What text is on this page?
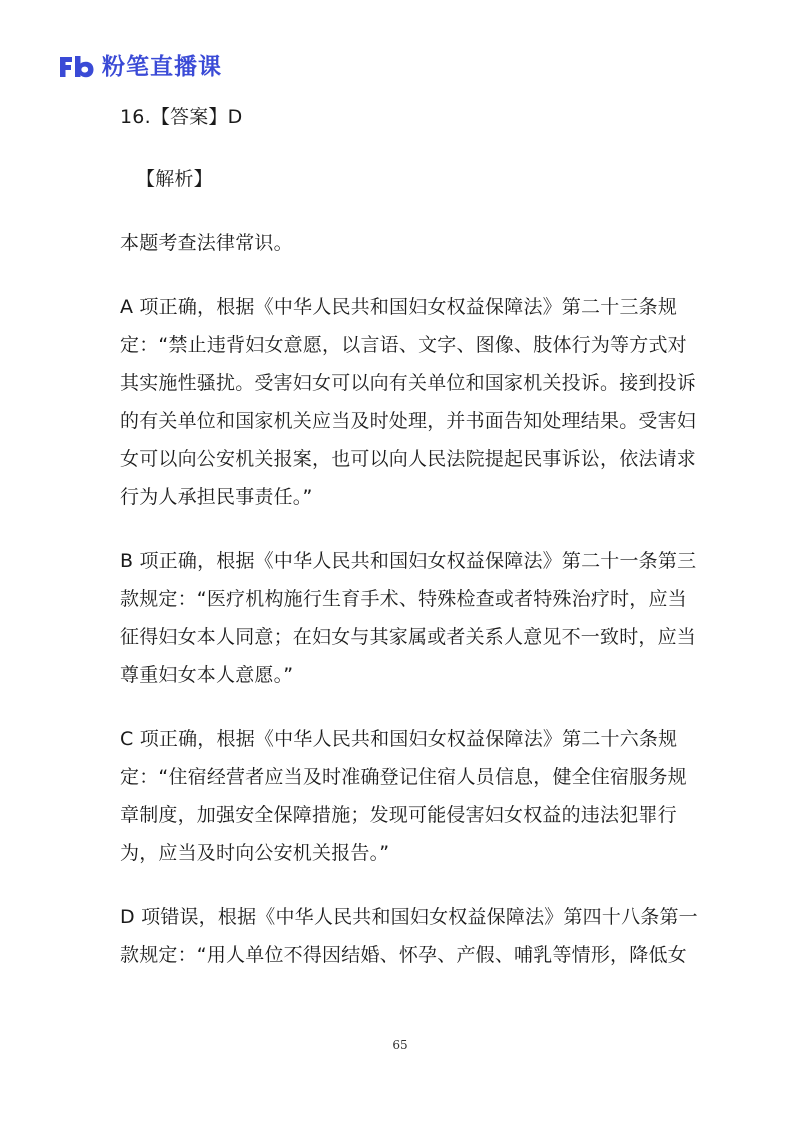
粉笔直播课
16.【答案】D
【解析】
本题考查法律常识。
A 项正确，根据《中华人民共和国妇女权益保障法》第二十三条规
定：“禁止违背妇女意愿，以言语、文字、图像、肢体行为等方式对
其实施性骚扰。受害妇女可以向有关单位和国家机关投诉。接到投诉
的有关单位和国家机关应当及时处理，并书面告知处理结果。受害妇
女可以向公安机关报案，也可以向人民法院提起民事诉讼，依法请求
行为人承担民事责任。”
B 项正确，根据《中华人民共和国妇女权益保障法》第二十一条第三
款规定：“医疗机构施行生育手术、特殊检查或者特殊治疗时，应当
征得妇女本人同意；在妇女与其家属或者关系人意见不一致时，应当
尊重妇女本人意愿。”
C 项正确，根据《中华人民共和国妇女权益保障法》第二十六条规
定：“住宿经营者应当及时准确登记住宿人员信息，健全住宿服务规
章制度，加强安全保障措施；发现可能侵害妇女权益的违法犯罪行
为，应当及时向公安机关报告。”
D 项错误，根据《中华人民共和国妇女权益保障法》第四十八条第一
款规定：“用人单位不得因结婚、怀孕、产假、哺乳等情形，降低女
65
